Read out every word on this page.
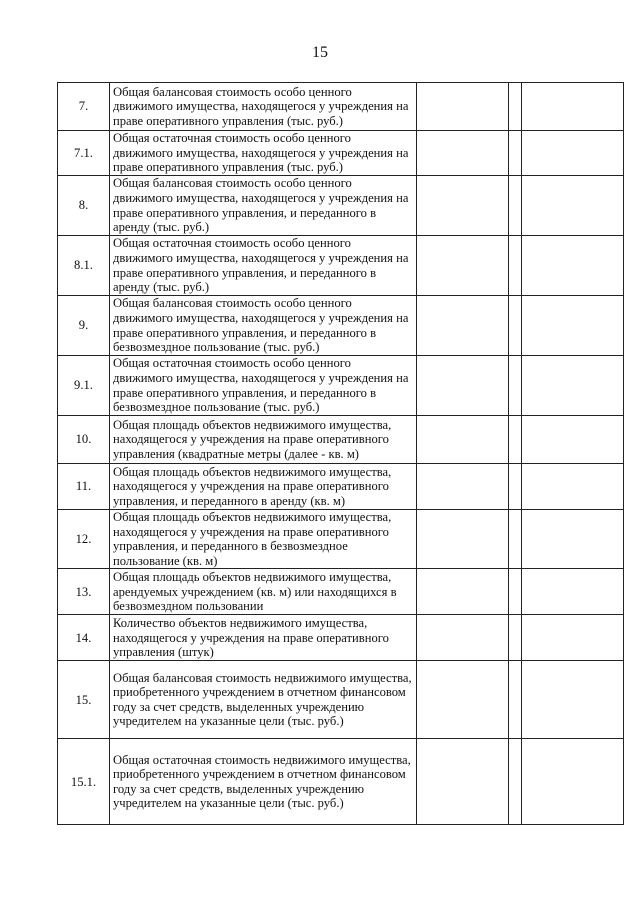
15
7.	Общая балансовая стоимость особо ценного движимого имущества, находящегося у учреждения на праве оперативного управления (тыс. руб.)			
7.1.	Общая остаточная стоимость особо ценного движимого имущества, находящегося у учреждения на праве оперативного управления (тыс. руб.)			
8.	Общая балансовая стоимость особо ценного движимого имущества, находящегося у учреждения на праве оперативного управления, и переданного в аренду (тыс. руб.)			
8.1.	Общая остаточная стоимость особо ценного движимого имущества, находящегося у учреждения на праве оперативного управления, и переданного в аренду (тыс. руб.)			
9.	Общая балансовая стоимость особо ценного движимого имущества, находящегося у учреждения на праве оперативного управления, и переданного в безвозмездное пользование (тыс. руб.)			
9.1.	Общая остаточная стоимость особо ценного движимого имущества, находящегося у учреждения на праве оперативного управления, и переданного в безвозмездное пользование (тыс. руб.)			
10.	Общая площадь объектов недвижимого имущества, находящегося у учреждения на праве оперативного управления (квадратные метры (далее - кв. м)			
11.	Общая площадь объектов недвижимого имущества, находящегося у учреждения на праве оперативного управления, и переданного в аренду (кв. м)			
12.	Общая площадь объектов недвижимого имущества, находящегося у учреждения на праве оперативного управления, и переданного в безвозмездное пользование (кв. м)			
13.	Общая площадь объектов недвижимого имущества, арендуемых учреждением (кв. м) или находящихся в безвозмездном пользовании			
14.	Количество объектов недвижимого имущества, находящегося у учреждения на праве оперативного управления (штук)			
15.	Общая балансовая стоимость недвижимого имущества, приобретенного учреждением в отчетном финансовом году за счет средств, выделенных учреждению учредителем на указанные цели (тыс. руб.)			
15.1.	Общая остаточная стоимость недвижимого имущества, приобретенного учреждением в отчетном финансовом году за счет средств, выделенных учреждению учредителем на указанные цели (тыс. руб.)			
